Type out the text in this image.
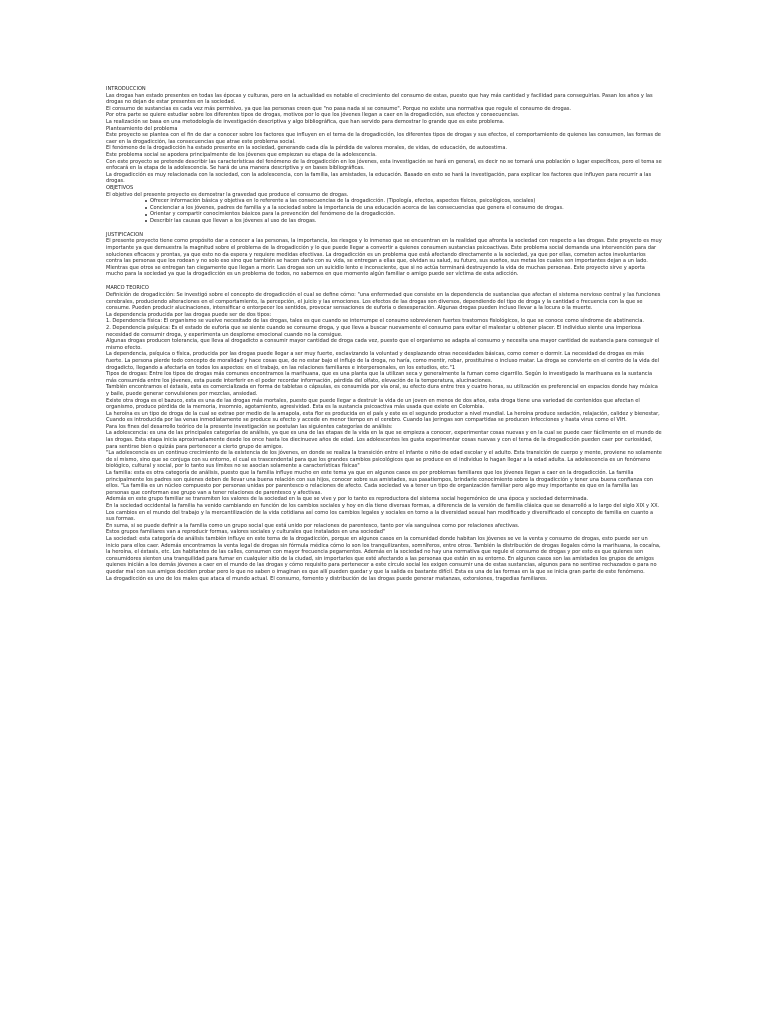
INTRODUCCION

Las drogas han estado presentes en todas las épocas y culturas, pero en la actualidad es notable el crecimiento del consumo de estas, puesto que hay más cantidad y facilidad para conseguirlas. Pasan los años y las drogas no dejan de estar presentes en la sociedad.

El consumo de sustancias es cada vez más permisivo, ya que las personas creen que "no pasa nada si se consume". Porque no existe una normativa que regule el consumo de drogas.

Por otra parte se quiere estudiar sobre los diferentes tipos de drogas, motivos por lo que los jóvenes llegan a caer en la drogadicción, sus efectos y consecuencias.

La realización se basa en una metodología de investigación descriptiva y algo bibliográfica, que han servido para demostrar lo grande que es este problema.

Planteamiento del problema

Este proyecto se plantea con el fin de dar a conocer sobre los factores que influyen en el tema de la drogadicción, los diferentes tipos de drogas y sus efectos, el comportamiento de quienes las consumen, las formas de caer en la drogadicción, las consecuencias que atrae este problema social.

El fenómeno de la drogadicción ha estado presente en la sociedad, generando cada día la pérdida de valores morales, de vidas, de educación, de autoestima.

Este problema social se apodera principalmente de los jóvenes que empiezan su etapa de la adolescencia.

Con este proyecto se pretende describir las características del fenómeno de la drogadicción en los jóvenes, esta investigación se hará en general, es decir no se tomará una población o lugar específicos, pero el tema se enfocará en la etapa de la adolescencia. Se hará de una manera descriptiva y en bases bibliográficas.

La drogadicción es muy relacionada con la sociedad, con la adolescencia, con la familia, las amistades, la educación. Basado en esto se hará la investigación, para explicar los factores que influyen para recurrir a las drogas.

OBJETIVOS

El objetivo del presente proyecto es demostrar la gravedad que produce el consumo de drogas.

Ofrecer información básica y objetiva en lo referente a las consecuencias de la drogadicción. (Tipología, efectos, aspectos físicos, psicológicos, sociales)

Concienciar a los jóvenes, padres de familia y a la sociedad sobre la importancia de una educación acerca de las consecuencias que genera el consumo de drogas.

Orientar y compartir conocimientos básicos para la prevención del fenómeno de la drogadicción.

Describir las causas que llevan a los jóvenes al uso de las drogas.

JUSTIFICACION

El presente proyecto tiene como propósito dar a conocer a las personas, la importancia, los riesgos y lo inmenso que se encuentran en la realidad que afronta la sociedad con respecto a las drogas. Este proyecto es muy importante ya que demuestra la magnitud sobre el problema de la drogadicción y lo que puede llegar a convertir a quienes consumen sustancias psicoactivas. Este problema social demanda una intervención para dar soluciones eficaces y prontas, ya que esto no da espera y requiere medidas efectivas. La drogadicción es un problema que está afectando directamente a la sociedad, ya que por ellas, cometen actos involuntarios contra las personas que los rodean y no solo eso sino que también se hacen daño con su vida, se entregan a ellas que, olvidan su salud, su futuro, sus sueños, sus metas los cuales son importantes dejan a un lado. Mientras que otros se entregan tan ciegamente que llegan a morir. Las drogas son un suicidio lento e inconsciente, que si no actúa terminará destruyendo la vida de muchas personas. Este proyecto sirve y aporta mucho para la sociedad ya que la drogadicción es un problema de todos, no sabemos en que momento algún familiar o amigo puede ser víctima de esta adicción.

MARCO TEORICO

Definición de drogadicción: Se investigó sobre el concepto de drogadicción el cual se define cómo: "una enfermedad que consiste en la dependencia de sustancias que afectan el sistema nervioso central y las funciones cerebrales, produciendo alteraciones en el comportamiento, la percepción, el juicio y las emociones. Los efectos de las drogas son diversos, dependiendo del tipo de droga y la cantidad o frecuencia con la que se consume. Pueden producir alucinaciones, intensificar o entorpecer los sentidos, provocar sensaciones de euforia o desesperación. Algunas drogas pueden incluso llevar a la locura o la muerte.

La dependencia producida por las drogas puede ser de dos tipos:

1. Dependencia física: El organismo se vuelve necesitado de las drogas, tales es que cuando se interrumpe el consumo sobrevienen fuertes trastornos fisiológicos, lo que se conoce como síndrome de abstinencia.

2. Dependencia psíquica: Es el estado de euforia que se siente cuando se consume droga, y que lleva a buscar nuevamente el consumo para evitar el malestar u obtener placer. El individuo siente una imperiosa necesidad de consumir droga, y experimenta un desplome emocional cuando no la consigue.

Algunas drogas producen tolerancia, que lleva al drogadicto a consumir mayor cantidad de droga cada vez, puesto que el organismo se adapta al consumo y necesita una mayor cantidad de sustancia para conseguir el mismo efecto.

La dependencia, psíquica o física, producida por las drogas puede llegar a ser muy fuerte, esclavizando la voluntad y desplazando otras necesidades básicas, como comer o dormir. La necesidad de drogas es más fuerte. La persona pierde todo concepto de moralidad y hace cosas que, de no estar bajo el influjo de la droga, no haría, como mentir, robar, prostituirse o incluso matar. La droga se convierte en el centro de la vida del drogadicto, llegando a afectarla en todos los aspectos: en el trabajo, en las relaciones familiares e interpersonales, en los estudios, etc."1

Tipos de drogas: Entre los tipos de drogas más comunes encontramos la marihuana, que es una planta que la utilizan seca y generalmente la fuman como cigarrillo. Según lo investigado la marihuana es la sustancia más consumida entre los jóvenes, esta puede interferir en el poder recordar información, pérdida del olfato, elevación de la temperatura, alucinaciones.

También encontramos el éxtasis, esta es comercializada en forma de tabletas o cápsulas, es consumida por vía oral, su efecto dura entre tres y cuatro horas, su utilización es preferencial en espacios donde hay música y baile, puede generar convulsiones por mezclas, ansiedad.

Existe otra droga es el bazuco, esta es una de las drogas más mortales, puesto que puede llegar a destruir la vida de un joven en menos de dos años, esta droga tiene una variedad de contenidos que afectan el organismo, produce pérdida de la memoria, insomnio, agotamiento, agresividad. Esta es la sustancia psicoactiva más usada que existe en Colombia.

La heroína es un tipo de droga de la cual se extrae por medio de la amapola, esta flor es producida en el país y este es el segundo productor a nivel mundial. La heroína produce sedación, relajación, calidez y bienestar, Cuando es introducida por las venas inmediatamente se produce su efecto y accede en menor tiempo en el cerebro. Cuando las jeringas son compartidas se producen infecciones y hasta virus como el VIH.

Para los fines del desarrollo teórico de la presente investigación se postulan las siguientes categorías de análisis:

La adolescencia: es una de las principales categorías de análisis, ya que es una de las etapas de la vida en la que se empieza a conocer, experimentar cosas nuevas y en la cual se puede caer fácilmente en el mundo de las drogas. Esta etapa inicia aproximadamente desde los once hasta los diecinueve años de edad. Los adolescentes les gusta experimentar cosas nuevas y con el tema de la drogadicción pueden caer por curiosidad, para sentirse bien o quizás para pertenecer a cierto grupo de amigos.

"La adolescencia es un continuo crecimiento de la existencia de los jóvenes, en donde se realiza la transición entre el infante o niño de edad escolar y el adulto. Esta transición de cuerpo y mente, proviene no solamente de sí mismo, sino que se conjuga con su entorno, el cual es trascendental para que los grandes cambios psicológicos que se produce en el individuo lo hagan llegar a la edad adulta. La adolescencia es un fenómeno biológico, cultural y social, por lo tanto sus límites no se asocian solamente a características físicas"

La familia: esta es otra categoría de análisis, puesto que la familia influye mucho en este tema ya que en algunos casos es por problemas familiares que los jóvenes llegan a caer en la drogadicción. La familia principalmente los padres son quienes deben de llevar una buena relación con sus hijos, conocer sobre sus amistades, sus pasatiempos, brindarle conocimiento sobre la drogadicción y tener una buena confianza con ellos. "La familia es un núcleo compuesto por personas unidas por parentesco o relaciones de afecto. Cada sociedad va a tener un tipo de organización familiar pero algo muy importante es que en la familia las personas que conforman ese grupo van a tener relaciones de parentesco y afectivas.

Además en este grupo familiar se transmiten los valores de la sociedad en la que se vive y por lo tanto es reproductora del sistema social hegemónico de una época y sociedad determinada.

En la sociedad occidental la familia ha venido cambiando en función de los cambios sociales y hoy en día tiene diversas formas, a diferencia de la versión de familia clásica que se desarrolló a lo largo del siglo XIX y XX. Los cambios en el mundo del trabajo y la mercantilización de la vida cotidiana así como los cambios legales y sociales en torno a la diversidad sexual han modificado y diversificado el concepto de familia en cuanto a sus formas.

En suma, si se puede definir a la familia como un grupo social que está unido por relaciones de parentesco, tanto por vía sanguínea como por relaciones afectivas.

Estos grupos familiares van a reproducir formas, valores sociales y culturales que instalados en una sociedad"

La sociedad: esta categoría de análisis también influye en este tema de la drogadicción, porque en algunos casos en la comunidad donde habitan los jóvenes se ve la venta y consumo de drogas, esto puede ser un inicio para ellos caer. Además encontramos la venta legal de drogas sin fórmula médica cómo lo son los tranquilizantes, somníferos, entre otros. También la distribución de drogas ilegales cómo la marihuana, la cocaína, la heroína, el éxtasis, etc. Los habitantes de las calles, consumen con mayor frecuencia pegamentos. Además en la sociedad no hay una normativa que regule el consumo de drogas y por esto es que quienes son consumidores sienten una tranquilidad para fumar en cualquier sitio de la ciudad, sin importarles que esté afectando a las personas que están en su entorno. En algunos casos son las amistades los grupos de amigos quienes inicián a los demás jóvenes a caer en el mundo de las drogas y cómo requisito para pertenecer a este círculo social les exigen consumir una de estas sustancias, algunos para no sentirse rechazados o para no quedar mal con sus amigos deciden probar pero lo que no saben o imaginan es que allí pueden quedar y que la salida es bastante difícil. Esta es una de las formas en la que se inicia gran parte de este fenómeno.

La drogadicción es uno de los males que ataca el mundo actual. El consumo, fomento y distribución de las drogas puede generar matanzas, extorsiones, tragedias familiares.
